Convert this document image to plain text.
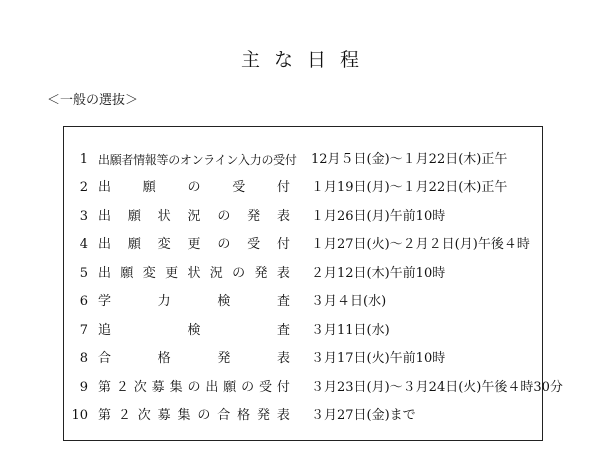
主な日程
＜一般の選抜＞
1 出願者情報等のオンライン入力の受付 12月５日(金)～１月22日(木)正午
2 出 願 の 受 付 １月19日(月)～１月22日(木)正午
3 出 願 状 況 の 発 表 １月26日(月)午前10時
4 出 願 変 更 の 受 付 １月27日(火)～２月２日(月)午後４時
5 出 願 変 更 状 況 の 発 表 ２月12日(木)午前10時
6 学	力	検	査 ３月４日(水)
7 追	検	査 ３月11日(水)
8 合	格	発	表 ３月17日(火)午前10時
9 第 ２ 次 募 集 の 出 願 の 受 付 ３月23日(月)～３月24日(火)午後４時30分
10 第 ２ 次 募 集 の 合 格 発 表 ３月27日(金)まで
